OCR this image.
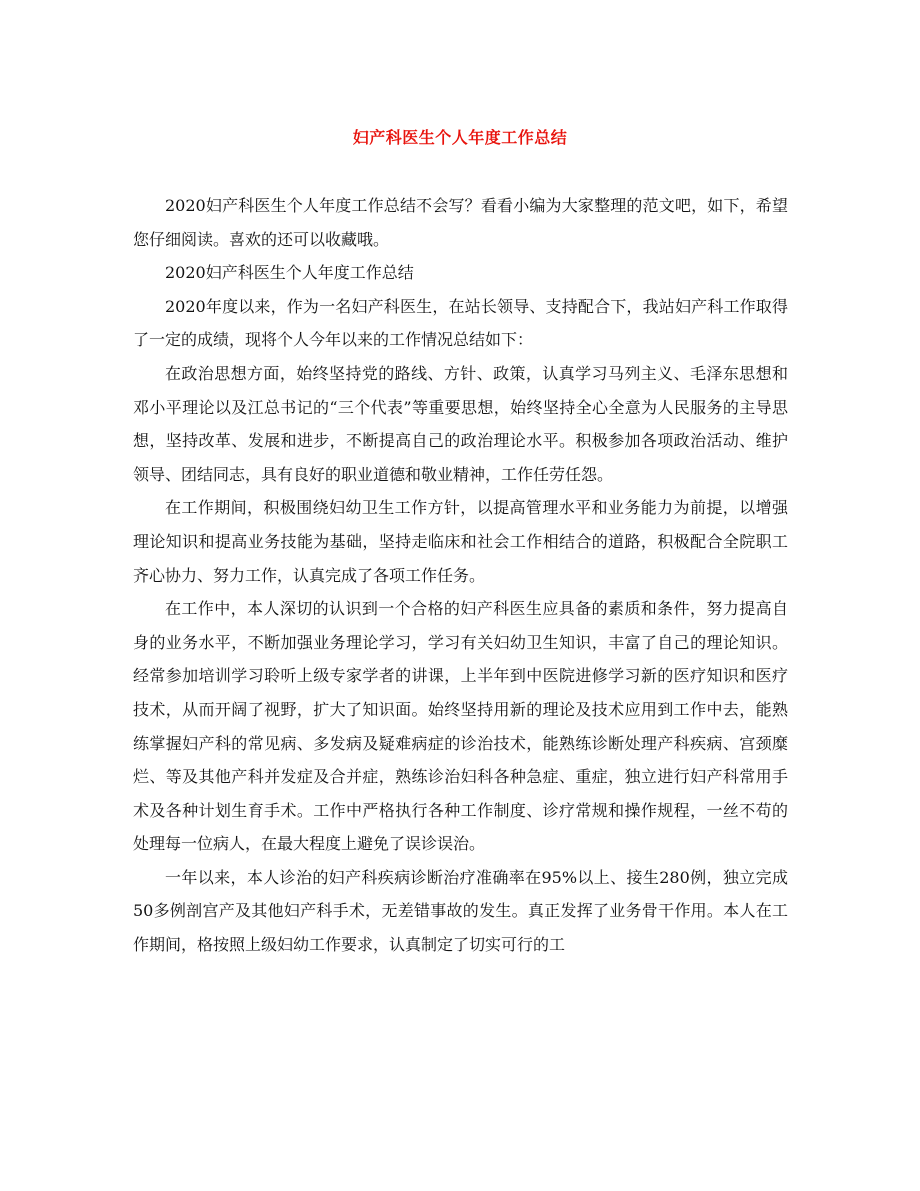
妇产科医生个人年度工作总结

2020妇产科医生个人年度工作总结不会写？看看小编为大家整理的范文吧，如下，希望您仔细阅读。喜欢的还可以收藏哦。

2020妇产科医生个人年度工作总结

2020年度以来，作为一名妇产科医生，在站长领导、支持配合下，我站妇产科工作取得了一定的成绩，现将个人今年以来的工作情况总结如下：

在政治思想方面，始终坚持党的路线、方针、政策，认真学习马列主义、毛泽东思想和邓小平理论以及江总书记的“三个代表”等重要思想，始终坚持全心全意为人民服务的主导思想，坚持改革、发展和进步，不断提高自己的政治理论水平。积极参加各项政治活动、维护领导、团结同志，具有良好的职业道德和敬业精神，工作任劳任怨。

在工作期间，积极围绕妇幼卫生工作方针，以提高管理水平和业务能力为前提，以增强理论知识和提高业务技能为基础，坚持走临床和社会工作相结合的道路，积极配合全院职工齐心协力、努力工作，认真完成了各项工作任务。

在工作中，本人深切的认识到一个合格的妇产科医生应具备的素质和条件，努力提高自身的业务水平，不断加强业务理论学习，学习有关妇幼卫生知识，丰富了自己的理论知识。经常参加培训学习聆听上级专家学者的讲课，上半年到中医院进修学习新的医疗知识和医疗技术，从而开阔了视野，扩大了知识面。始终坚持用新的理论及技术应用到工作中去，能熟练掌握妇产科的常见病、多发病及疑难病症的诊治技术，能熟练诊断处理产科疾病、宫颈糜烂、等及其他产科并发症及合并症，熟练诊治妇科各种急症、重症，独立进行妇产科常用手术及各种计划生育手术。工作中严格执行各种工作制度、诊疗常规和操作规程，一丝不苟的处理每一位病人，在最大程度上避免了误诊误治。

一年以来，本人诊治的妇产科疾病诊断治疗准确率在95%以上、接生280例，独立完成50多例剖宫产及其他妇产科手术，无差错事故的发生。真正发挥了业务骨干作用。本人在工作期间，格按照上级妇幼工作要求，认真制定了切实可行的工
